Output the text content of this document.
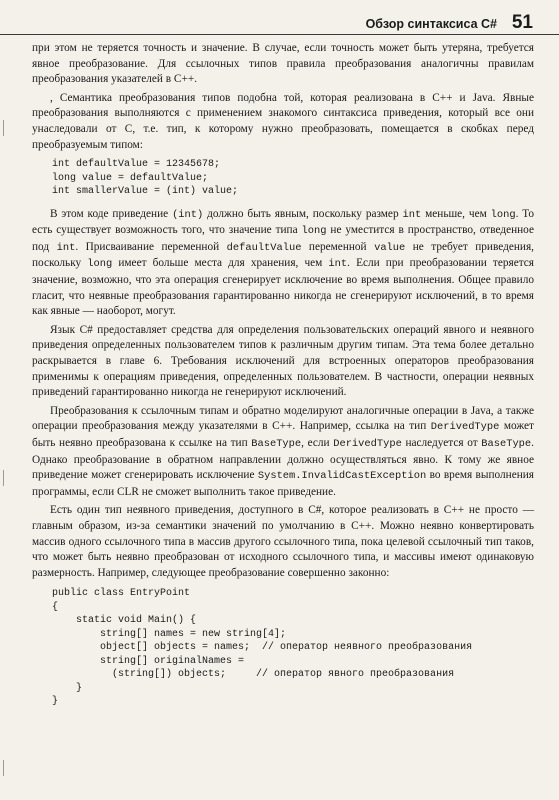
Обзор синтаксиса C# 51

при этом не теряется точность и значение. В случае, если точность может быть утеряна, требуется явное преобразование. Для ссылочных типов правила преобразования аналогичны правилам преобразования указателей в C++.

, Семантика преобразования типов подобна той, которая реализована в C++ и Java. Явные преобразования выполняются с применением знакомого синтаксиса приведения, который все они унаследовали от С, т.е. тип, к которому нужно преобразовать, помещается в скобках перед преобразуемым типом:

int defaultValue = 12345678;
long value = defaultValue;
int smallerValue = (int) value;

В этом коде приведение (int) должно быть явным, поскольку размер int меньше, чем long. То есть существует возможность того, что значение типа long не уместится в пространство, отведенное под int. Присваивание переменной defaultValue переменной value не требует приведения, поскольку long имеет больше места для хранения, чем int. Если при преобразовании теряется значение, возможно, что эта операция сгенерирует исключение во время выполнения. Общее правило гласит, что неявные преобразования гарантированно никогда не сгенерируют исключений, в то время как явные — наоборот, могут.

Язык C# предоставляет средства для определения пользовательских операций явного и неявного приведения определенных пользователем типов к различным другим типам. Эта тема более детально раскрывается в главе 6. Требования исключений для встроенных операторов преобразования применимы к операциям приведения, определенных пользователем. В частности, операции неявных приведений гарантированно никогда не генерируют исключений.

Преобразования к ссылочным типам и обратно моделируют аналогичные операции в Java, а также операции преобразования между указателями в C++. Например, ссылка на тип DerivedType может быть неявно преобразована к ссылке на тип BaseType, если DerivedType наследуется от BaseType. Однако преобразование в обратном направлении должно осуществляться явно. К тому же явное приведение может сгенерировать исключение System.InvalidCastException во время выполнения программы, если CLR не сможет выполнить такое приведение.

Есть один тип неявного приведения, доступного в C#, которое реализовать в C++ не просто — главным образом, из-за семантики значений по умолчанию в C++. Можно неявно конвертировать массив одного ссылочного типа в массив другого ссылочного типа, пока целевой ссылочный тип таков, что может быть неявно преобразован от исходного ссылочного типа, и массивы имеют одинаковую размерность. Например, следующее преобразование совершенно законно:

public class EntryPoint
{
static void Main() {
string[] names = new string[4];
object[] objects = names;  // оператор неявного преобразования
string[] originalNames =
(string[]) objects;     // оператор явного преобразования
}
}
